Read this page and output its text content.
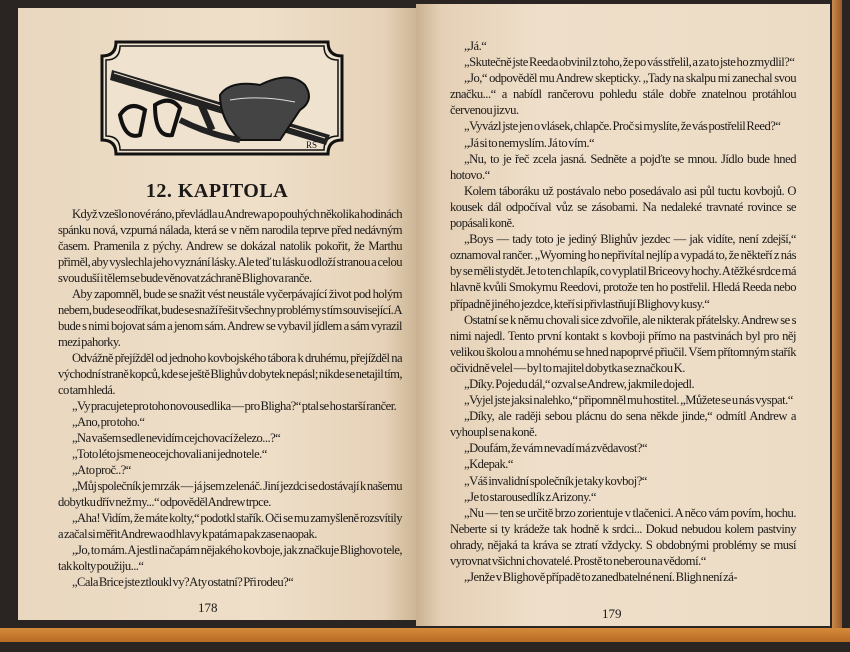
RS
12. KAPITOLA

Když vzešlo nové ráno, převládla u Andrewa po pouhých několika hodinách spánku nová, vzpurná nálada, která se v něm narodila teprve před nedávným časem. Pramenila z pýchy. Andrew se dokázal natolik pokořit, že Marthu přiměl, aby vyslechla jeho vyznání lásky. Ale teď tu lásku odloží stranou a celou svou duší i tělem se bude věnovat záchraně Blighova ranče.

Aby zapomněl, bude se snažit vést neustále vyčerpávající život pod holým nebem, bude se odříkat, bude se snaží řešit všechny problémy s tím související. A bude s nimi bojovat sám a jenom sám. Andrew se vybavil jídlem a sám vyrazil mezi pahorky.

Odvážně přejížděl od jednoho kovbojského tábora k druhému, přejížděl na východní straně kopců, kde se ještě Blighův dobytek nepásl; nikde se netajil tím, co tam hledá.

„Vy pracujete pro toho novousedlika — pro Bligha?“ ptal se ho starší rančer.

„Ano, pro toho.“

„Na vašem sedle nevidím cejchovací železo...?“

„Toto léto jsme neocejchovali ani jedno tele.“

„A to proč..?“

„Můj společník je mrzák — já jsem zelenáč. Jiní jezdci se dostávají k našemu dobytku dřív než my...“ odpověděl Andrew trpce.

„Aha! Vidím, že máte kolty,“ podotkl stařík. Oči se mu zamyšleně rozsvítily a začal si měřit Andrewa od hlavy k patám a pak zase naopak.

„Jo, to mám. A jestli načapám nějakého kovboje, jak značkuje Blighovo tele, tak kolty použiju...“

„Cala Brice jste ztloukl vy? A ty ostatní? Při rodeu?“

178

„Já.“

„Skutečně jste Reeda obvinil z toho, že po vás střelil, a za to jste ho zmydlil?“

„Jo,“ odpověděl mu Andrew skepticky. „Tady na skalpu mi zanechal svou značku...“ a nabídl rančerovu pohledu stále dobře znatelnou protáhlou červenou jizvu.

„Vyvázl jste jen o vlásek, chlapče. Proč si myslíte, že vás postřelil Reed?“

„Já si to nemyslím. Já to vím.“

„Nu, to je řeč zcela jasná. Sedněte a pojďte se mnou. Jídlo bude hned hotovo.“

Kolem táboráku už postávalo nebo posedávalo asi půl tuctu kovbojů. O kousek dál odpočíval vůz se zásobami. Na nedaleké travnaté rovince se popásali koně.

„Boys — tady toto je jediný Blighův jezdec — jak vidíte, není zdejší,“ oznamoval rančer. „Wyoming ho nepřivítal nejlíp a vypadá to, že někteří z nás by se měli stydět. Je to ten chlapík, co vyplatil Briceovy hochy. A těžké srdce má hlavně kvůli Smokymu Reedovi, protože ten ho postřelil. Hledá Reeda nebo případně jiného jezdce, kteří si přivlastňují Blighovy kusy.“

Ostatní se k němu chovali sice zdvořile, ale nikterak přátelsky. Andrew se s nimi najedl. Tento první kontakt s kovboji přímo na pastvinách byl pro něj velikou školou a mnohému se hned napoprvé přiučil. Všem přítomným stařík očividně velel — byl to majitel dobytka se značkou K.

„Díky. Pojedu dál,“ ozval se Andrew, jakmile dojedl.

„Vyjel jste jaksi nalehko,“ připomněl mu hostitel. „Můžete se u nás vyspat.“

„Díky, ale raději sebou plácnu do sena někde jinde,“ odmítl Andrew a vyhoupl se na koně.

„Doufám, že vám nevadí má zvědavost?“

„Kdepak.“

„Váš invalidní společník je taky kovboj?“

„Je to starousedlík z Arizony.“

„Nu — ten se určitě brzo zorientuje v tlačenici. A něco vám povím, hochu. Neberte si ty krádeže tak hodně k srdci... Dokud nebudou kolem pastviny ohrady, nějaká ta kráva se ztratí vždycky. S obdobnými problémy se musí vyrovnat všichni chovatelé. Prostě to neberou na vědomí.“

„Jenže v Blighově případě to zanedbatelné není. Bligh není zá-

179
